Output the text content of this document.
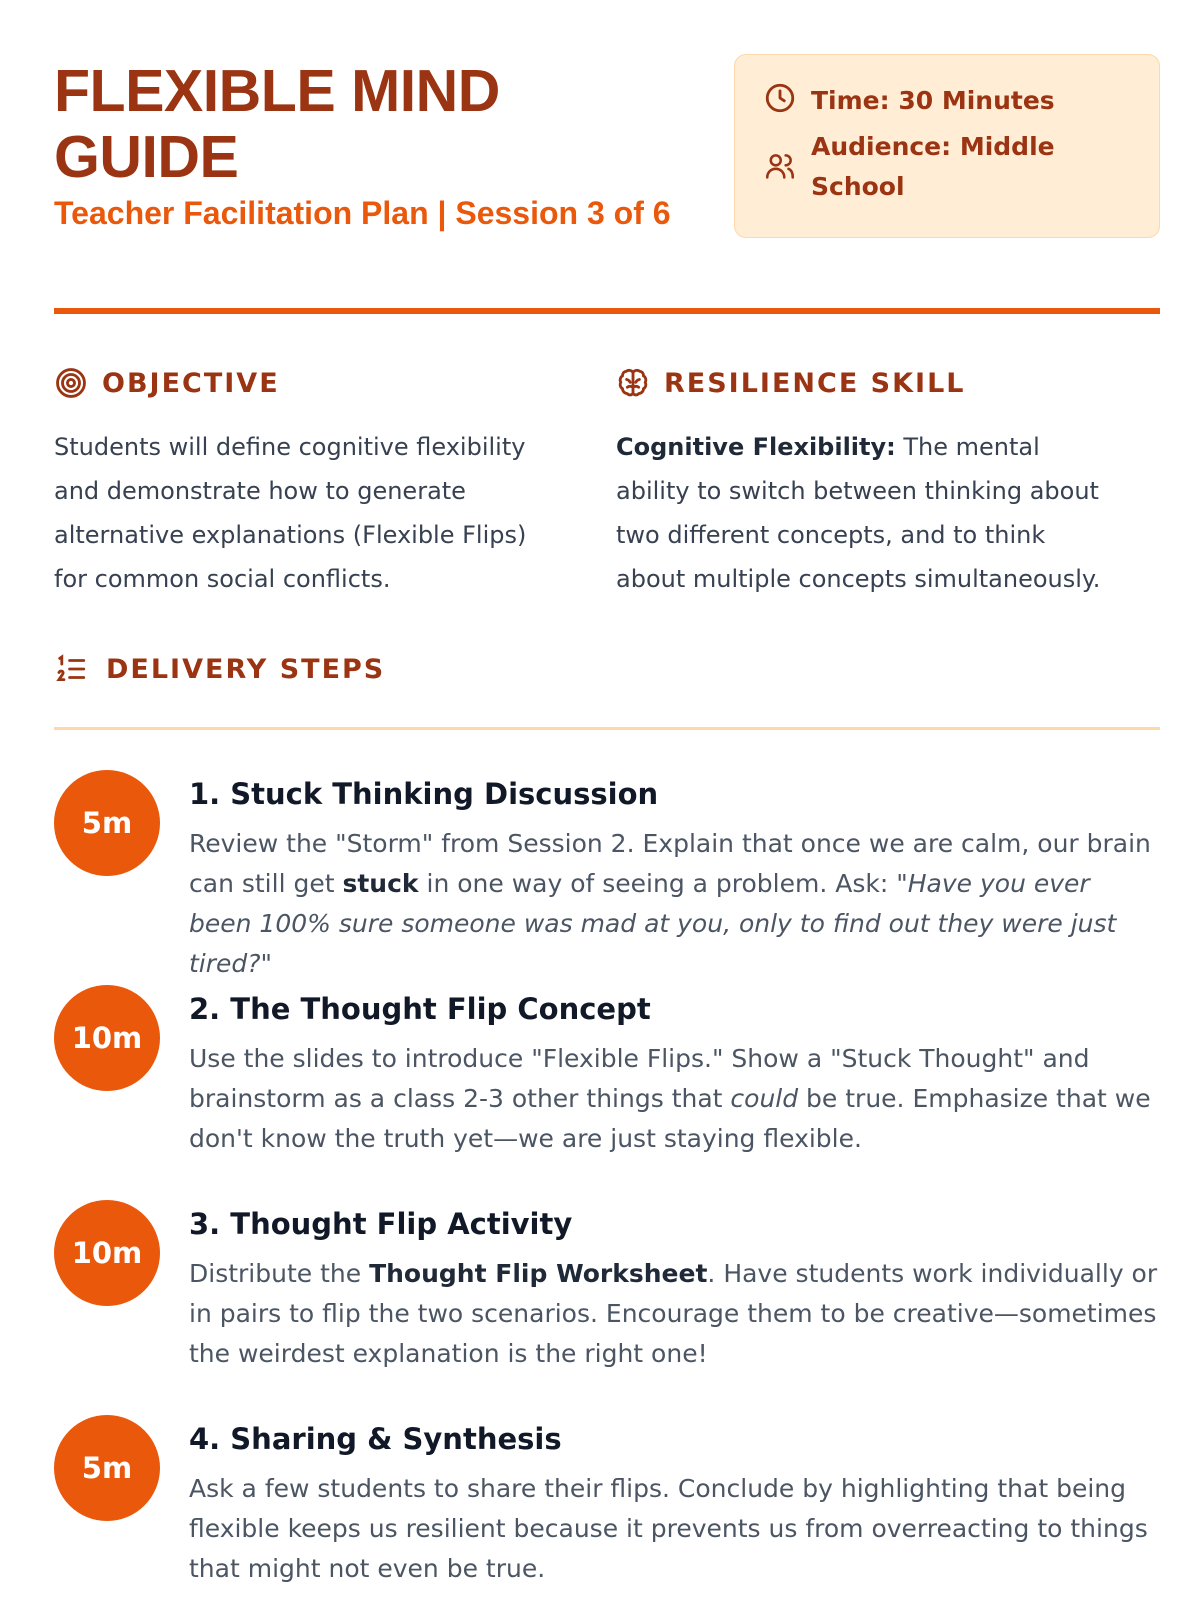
FLEXIBLE MIND GUIDE
Teacher Facilitation Plan | Session 3 of 6
Time: 30 Minutes
Audience: Middle School
OBJECTIVE

Students will define cognitive flexibility and demonstrate how to generate alternative explanations (Flexible Flips) for common social conflicts.

RESILIENCE SKILL

Cognitive Flexibility: The mental ability to switch between thinking about two different concepts, and to think about multiple concepts simultaneously.

DELIVERY STEPS
5m
1. Stuck Thinking Discussion

Review the "Storm" from Session 2. Explain that once we are calm, our brain can still get stuck in one way of seeing a problem. Ask: "Have you ever been 100% sure someone was mad at you, only to find out they were just tired?"

10m
2. The Thought Flip Concept

Use the slides to introduce "Flexible Flips." Show a "Stuck Thought" and brainstorm as a class 2-3 other things that could be true. Emphasize that we don't know the truth yet—we are just staying flexible.

10m
3. Thought Flip Activity

Distribute the Thought Flip Worksheet. Have students work individually or in pairs to flip the two scenarios. Encourage them to be creative—sometimes the weirdest explanation is the right one!

5m
4. Sharing & Synthesis

Ask a few students to share their flips. Conclude by highlighting that being flexible keeps us resilient because it prevents us from overreacting to things that might not even be true.
